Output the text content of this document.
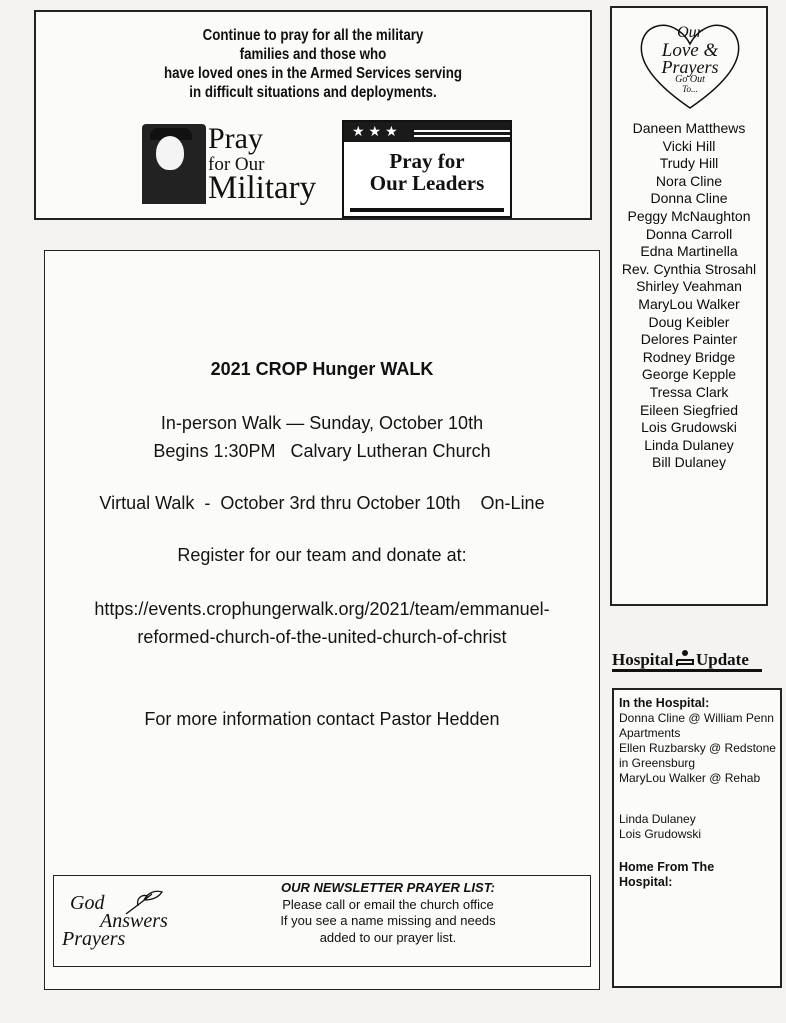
Continue to pray for all the military
families and those who
have loved ones in the Armed Services serving
in difficult situations and deployments.
Pray
for Our
Military
★★★
Pray for
Our Leaders
Our
Love &
Prayers
Go Out
To...
Daneen Matthews
Vicki Hill
Trudy Hill
Nora Cline
Donna Cline
Peggy McNaughton
Donna Carroll
Edna Martinella
Rev. Cynthia Strosahl
Shirley Veahman
MaryLou Walker
Doug Keibler
Delores Painter
Rodney Bridge
George Kepple
Tressa Clark
Eileen Siegfried
Lois Grudowski
Linda Dulaney
Bill Dulaney
Hospital Update
In the Hospital:
Donna Cline @ William Penn
Apartments
Ellen Ruzbarsky @ Redstone
in Greensburg
MaryLou Walker @ Rehab
Linda Dulaney
Lois Grudowski
Home From The
Hospital:
2021 CROP Hunger WALK
In-person Walk — Sunday, October 10th
Begins 1:30PM   Calvary Lutheran Church
Virtual Walk  -  October 3rd thru October 10th    On-Line
Register for our team and donate at:
https://events.crophungerwalk.org/2021/team/emmanuel-
reformed-church-of-the-united-church-of-christ
For more information contact Pastor Hedden
God
Answers
Prayers
OUR NEWSLETTER PRAYER LIST:
Please call or email the church office
If you see a name missing and needs
added to our prayer list.
